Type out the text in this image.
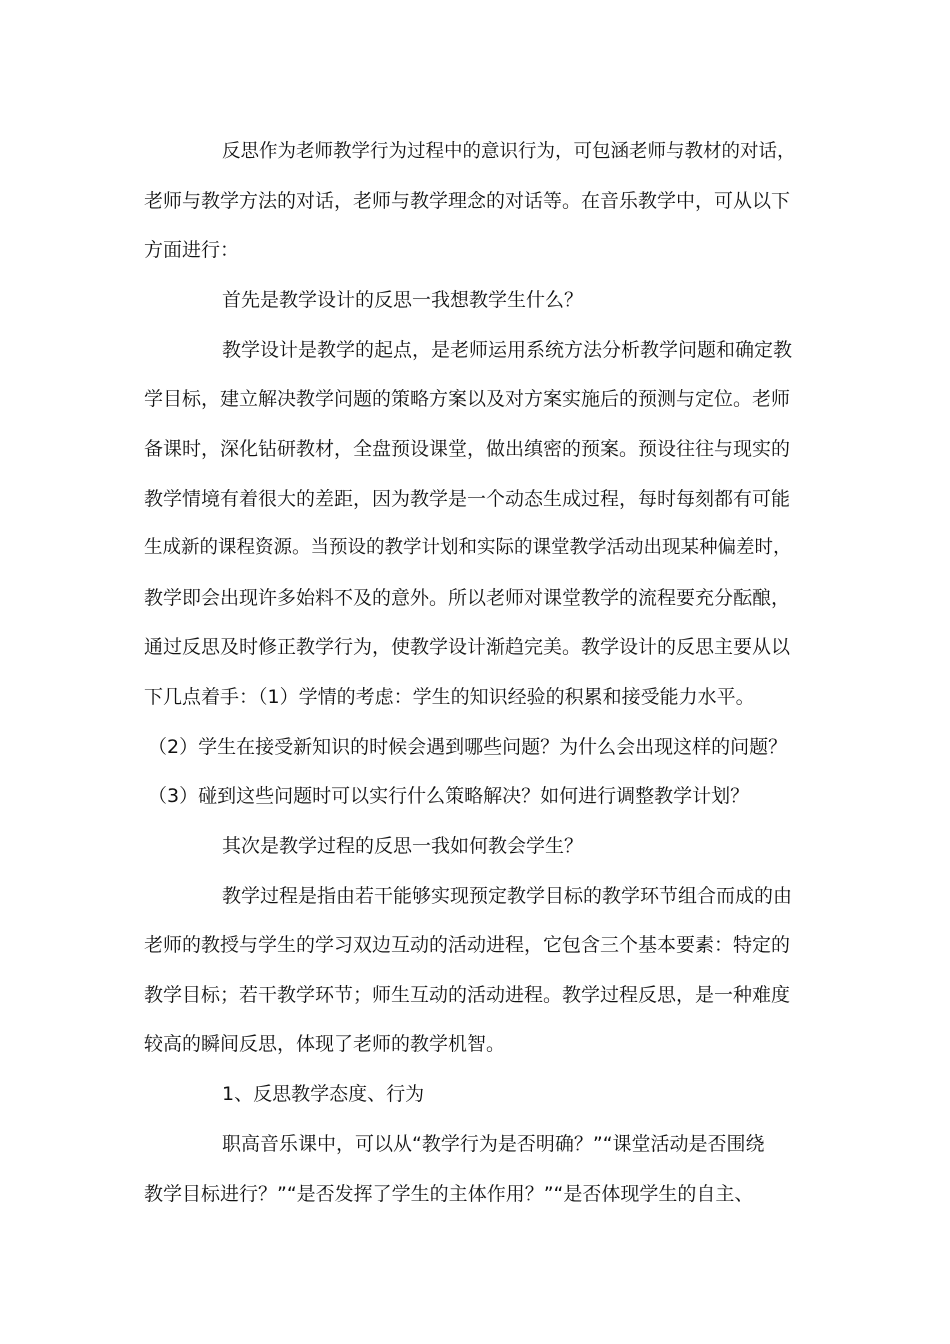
反思作为老师教学行为过程中的意识行为，可包涵老师与教材的对话，

老师与教学方法的对话，老师与教学理念的对话等。在音乐教学中，可从以下

方面进行：

首先是教学设计的反思一我想教学生什么？

教学设计是教学的起点，是老师运用系统方法分析教学问题和确定教

学目标，建立解决教学问题的策略方案以及对方案实施后的预测与定位。老师

备课时，深化钻研教材，全盘预设课堂，做出缜密的预案。预设往往与现实的

教学情境有着很大的差距，因为教学是一个动态生成过程，每时每刻都有可能

生成新的课程资源。当预设的教学计划和实际的课堂教学活动出现某种偏差时，

教学即会出现许多始料不及的意外。所以老师对课堂教学的流程要充分酝酿，

通过反思及时修正教学行为，使教学设计渐趋完美。教学设计的反思主要从以

下几点着手：（1）学情的考虑：学生的知识经验的积累和接受能力水平。

（2）学生在接受新知识的时候会遇到哪些问题？为什么会出现这样的问题？

（3）碰到这些问题时可以实行什么策略解决？如何进行调整教学计划？

其次是教学过程的反思一我如何教会学生？

教学过程是指由若干能够实现预定教学目标的教学环节组合而成的由

老师的教授与学生的学习双边互动的活动进程，它包含三个基本要素：特定的

教学目标；若干教学环节；师生互动的活动进程。教学过程反思，是一种难度

较高的瞬间反思，体现了老师的教学机智。

1、反思教学态度、行为

职高音乐课中，可以从“教学行为是否明确？”“课堂活动是否围绕

教学目标进行？”“是否发挥了学生的主体作用？”“是否体现学生的自主、
